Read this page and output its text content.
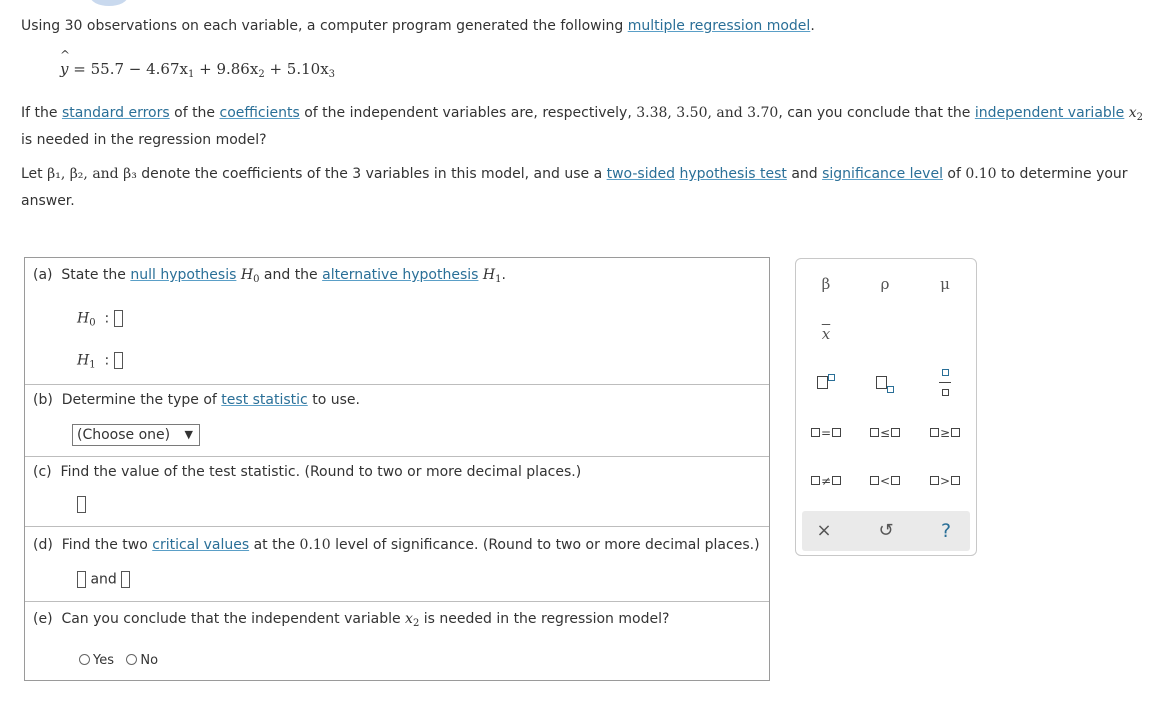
Using 30 observations on each variable, a computer program generated the following multiple regression model.

^
$y = 55.7 - 4.67x_1 + 9.86x_2 + 5.10x_3$

If the standard errors of the coefficients of the independent variables are, respectively, 3.38, 3.50, and 3.70, can you conclude that the independent variable $x_2$

is needed in the regression model?

Let β₁, β₂, and β₃ denote the coefficients of the 3 variables in this model, and use a two-sided hypothesis test and significance level of 0.10 to determine your

answer.

(a) State the null hypothesis $H_0$ and the alternative hypothesis $H_1$.
$H_0$ :
$H_1$ :
(b) Determine the type of test statistic to use.
(Choose one) ▼
(c) Find the value of the test statistic. (Round to two or more decimal places.)
(d) Find the two critical values at the 0.10 level of significance. (Round to two or more decimal places.)
and
(e) Can you conclude that the independent variable $x_2$ is needed in the regression model?
Yes No
β	ρ	μ
$\overline{x}$

=	≤	≥
≠	<	>
×	↺	?
